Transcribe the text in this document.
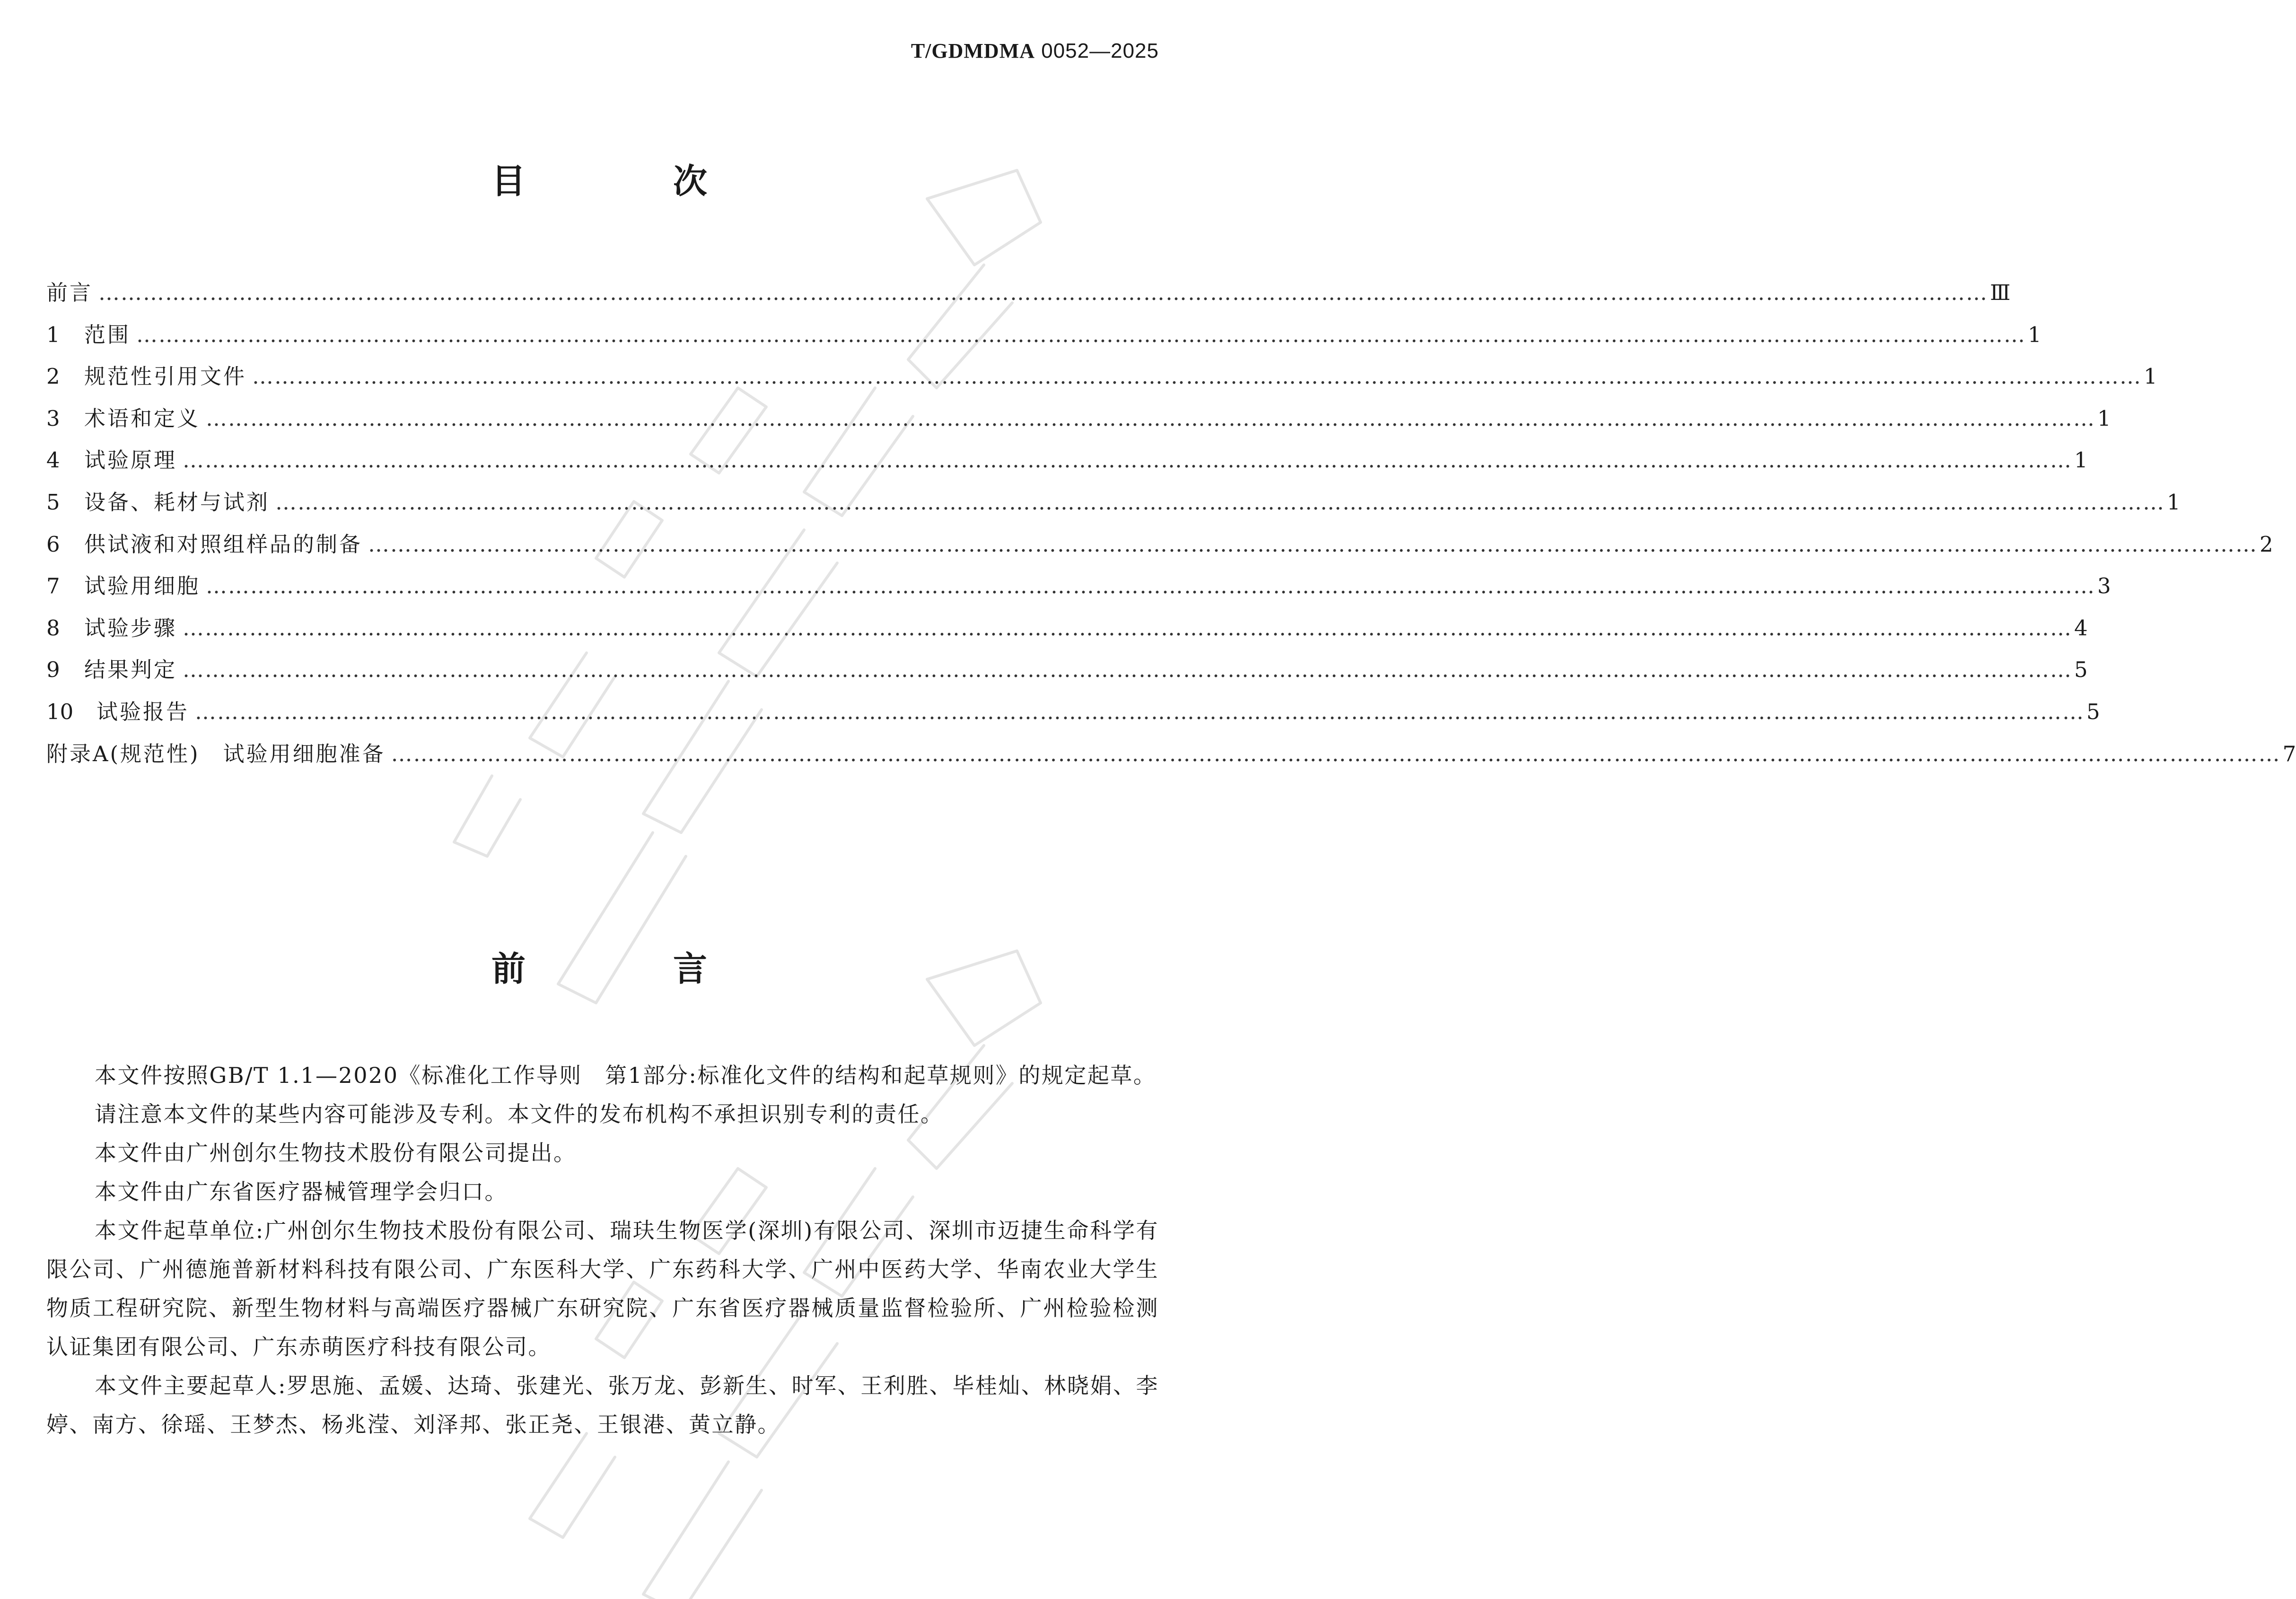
T/GDMDMA 0052—2025
目　次
前言 ………………………………………………………………………………………………………………………………………………………………………………………………………………………………… Ⅲ
1	范围 ………………………………………………………………………………………………………………………………………………………………………………………………………………………………… 1
2	规范性引用文件 ………………………………………………………………………………………………………………………………………………………………………………………………………………………………… 1
3	术语和定义 ………………………………………………………………………………………………………………………………………………………………………………………………………………………………… 1
4	试验原理 ………………………………………………………………………………………………………………………………………………………………………………………………………………………………… 1
5	设备、耗材与试剂 ………………………………………………………………………………………………………………………………………………………………………………………………………………………………… 1
6	供试液和对照组样品的制备 ………………………………………………………………………………………………………………………………………………………………………………………………………………………………… 2
7	试验用细胞 ………………………………………………………………………………………………………………………………………………………………………………………………………………………………… 3
8	试验步骤 ………………………………………………………………………………………………………………………………………………………………………………………………………………………………… 4
9	结果判定 ………………………………………………………………………………………………………………………………………………………………………………………………………………………………… 5
10	试验报告 ………………………………………………………………………………………………………………………………………………………………………………………………………………………………… 5
附录A(规范性)　试验用细胞准备 ………………………………………………………………………………………………………………………………………………………………………………………………………………………………… 7
前　言

本文件按照GB/T 1.1—2020《标准化工作导则　第1部分:标准化文件的结构和起草规则》的规定起草。

请注意本文件的某些内容可能涉及专利。本文件的发布机构不承担识别专利的责任。

本文件由广州创尔生物技术股份有限公司提出。

本文件由广东省医疗器械管理学会归口。

本文件起草单位:广州创尔生物技术股份有限公司、瑞玞生物医学(深圳)有限公司、深圳市迈捷生命科学有限公司、广州德施普新材料科技有限公司、广东医科大学、广东药科大学、广州中医药大学、华南农业大学生物质工程研究院、新型生物材料与高端医疗器械广东研究院、广东省医疗器械质量监督检验所、广州检验检测认证集团有限公司、广东赤萌医疗科技有限公司。

本文件主要起草人:罗思施、孟媛、达琦、张建光、张万龙、彭新生、时军、王利胜、毕桂灿、林晓娟、李婷、南方、徐瑶、王梦杰、杨兆滢、刘泽邦、张正尧、王银港、黄立静。
